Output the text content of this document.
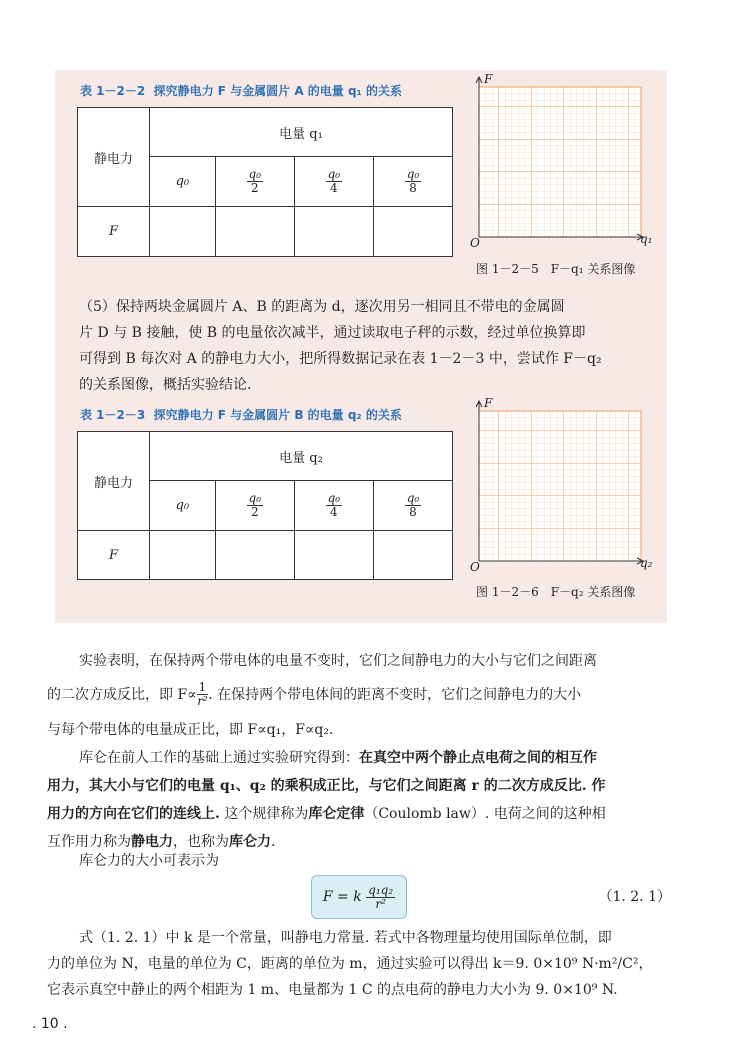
表 1－2－2 探究静电力 F 与金属圆片 A 的电量 q₁ 的关系
静电力	电量 q₁			
	q₀	$\frac{\text{q₀}}{2}$	$\frac{\text{q₀}}{4}$	$\frac{\text{q₀}}{8}$

F				
F
q₁
O
图 1－2－5　F－q₁ 关系图像
（5）保持两块金属圆片 A、B 的距离为 d，逐次用另一相同且不带电的金属圆
片 D 与 B 接触，使 B 的电量依次减半，通过读取电子秤的示数，经过单位换算即
可得到 B 每次对 A 的静电力大小，把所得数据记录在表 1－2－3 中，尝试作 F－q₂
的关系图像，概括实验结论.
表 1－2－3 探究静电力 F 与金属圆片 B 的电量 q₂ 的关系
静电力	电量 q₂			
	q₀	$\frac{\text{q₀}}{2}$	$\frac{\text{q₀}}{4}$	$\frac{\text{q₀}}{8}$

F				
F
q₂
O
图 1－2－6　F－q₂ 关系图像
实验表明，在保持两个带电体的电量不变时，它们之间静电力的大小与它们之间距离
的二次方成反比，即 $F\propto \frac{1}{\text{r²}}$ . 在保持两个带电体间的距离不变时，它们之间静电力的大小
与每个带电体的电量成正比，即 F∝q₁，F∝q₂.
库仑在前人工作的基础上通过实验研究得到：在真空中两个静止点电荷之间的相互作
用力，其大小与它们的电量 q₁、q₂ 的乘积成正比，与它们之间距离 r 的二次方成反比. 作
用力的方向在它们的连线上. 这个规律称为库仑定律（Coulomb law）. 电荷之间的这种相
互作用力称为静电力，也称为库仑力.
库仑力的大小可表示为
F = k
$\frac{\text{q₁q₂}}{\text{r²}}$	（1. 2. 1）
式（1. 2. 1）中 k 是一个常量，叫静电力常量. 若式中各物理量均使用国际单位制，即
力的单位为 N，电量的单位为 C，距离的单位为 m，通过实验可以得出 k＝9. 0×10⁹ N·m²/C²，
它表示真空中静止的两个相距为 1 m、电量都为 1 C 的点电荷的静电力大小为 9. 0×10⁹ N.
. 10 .
